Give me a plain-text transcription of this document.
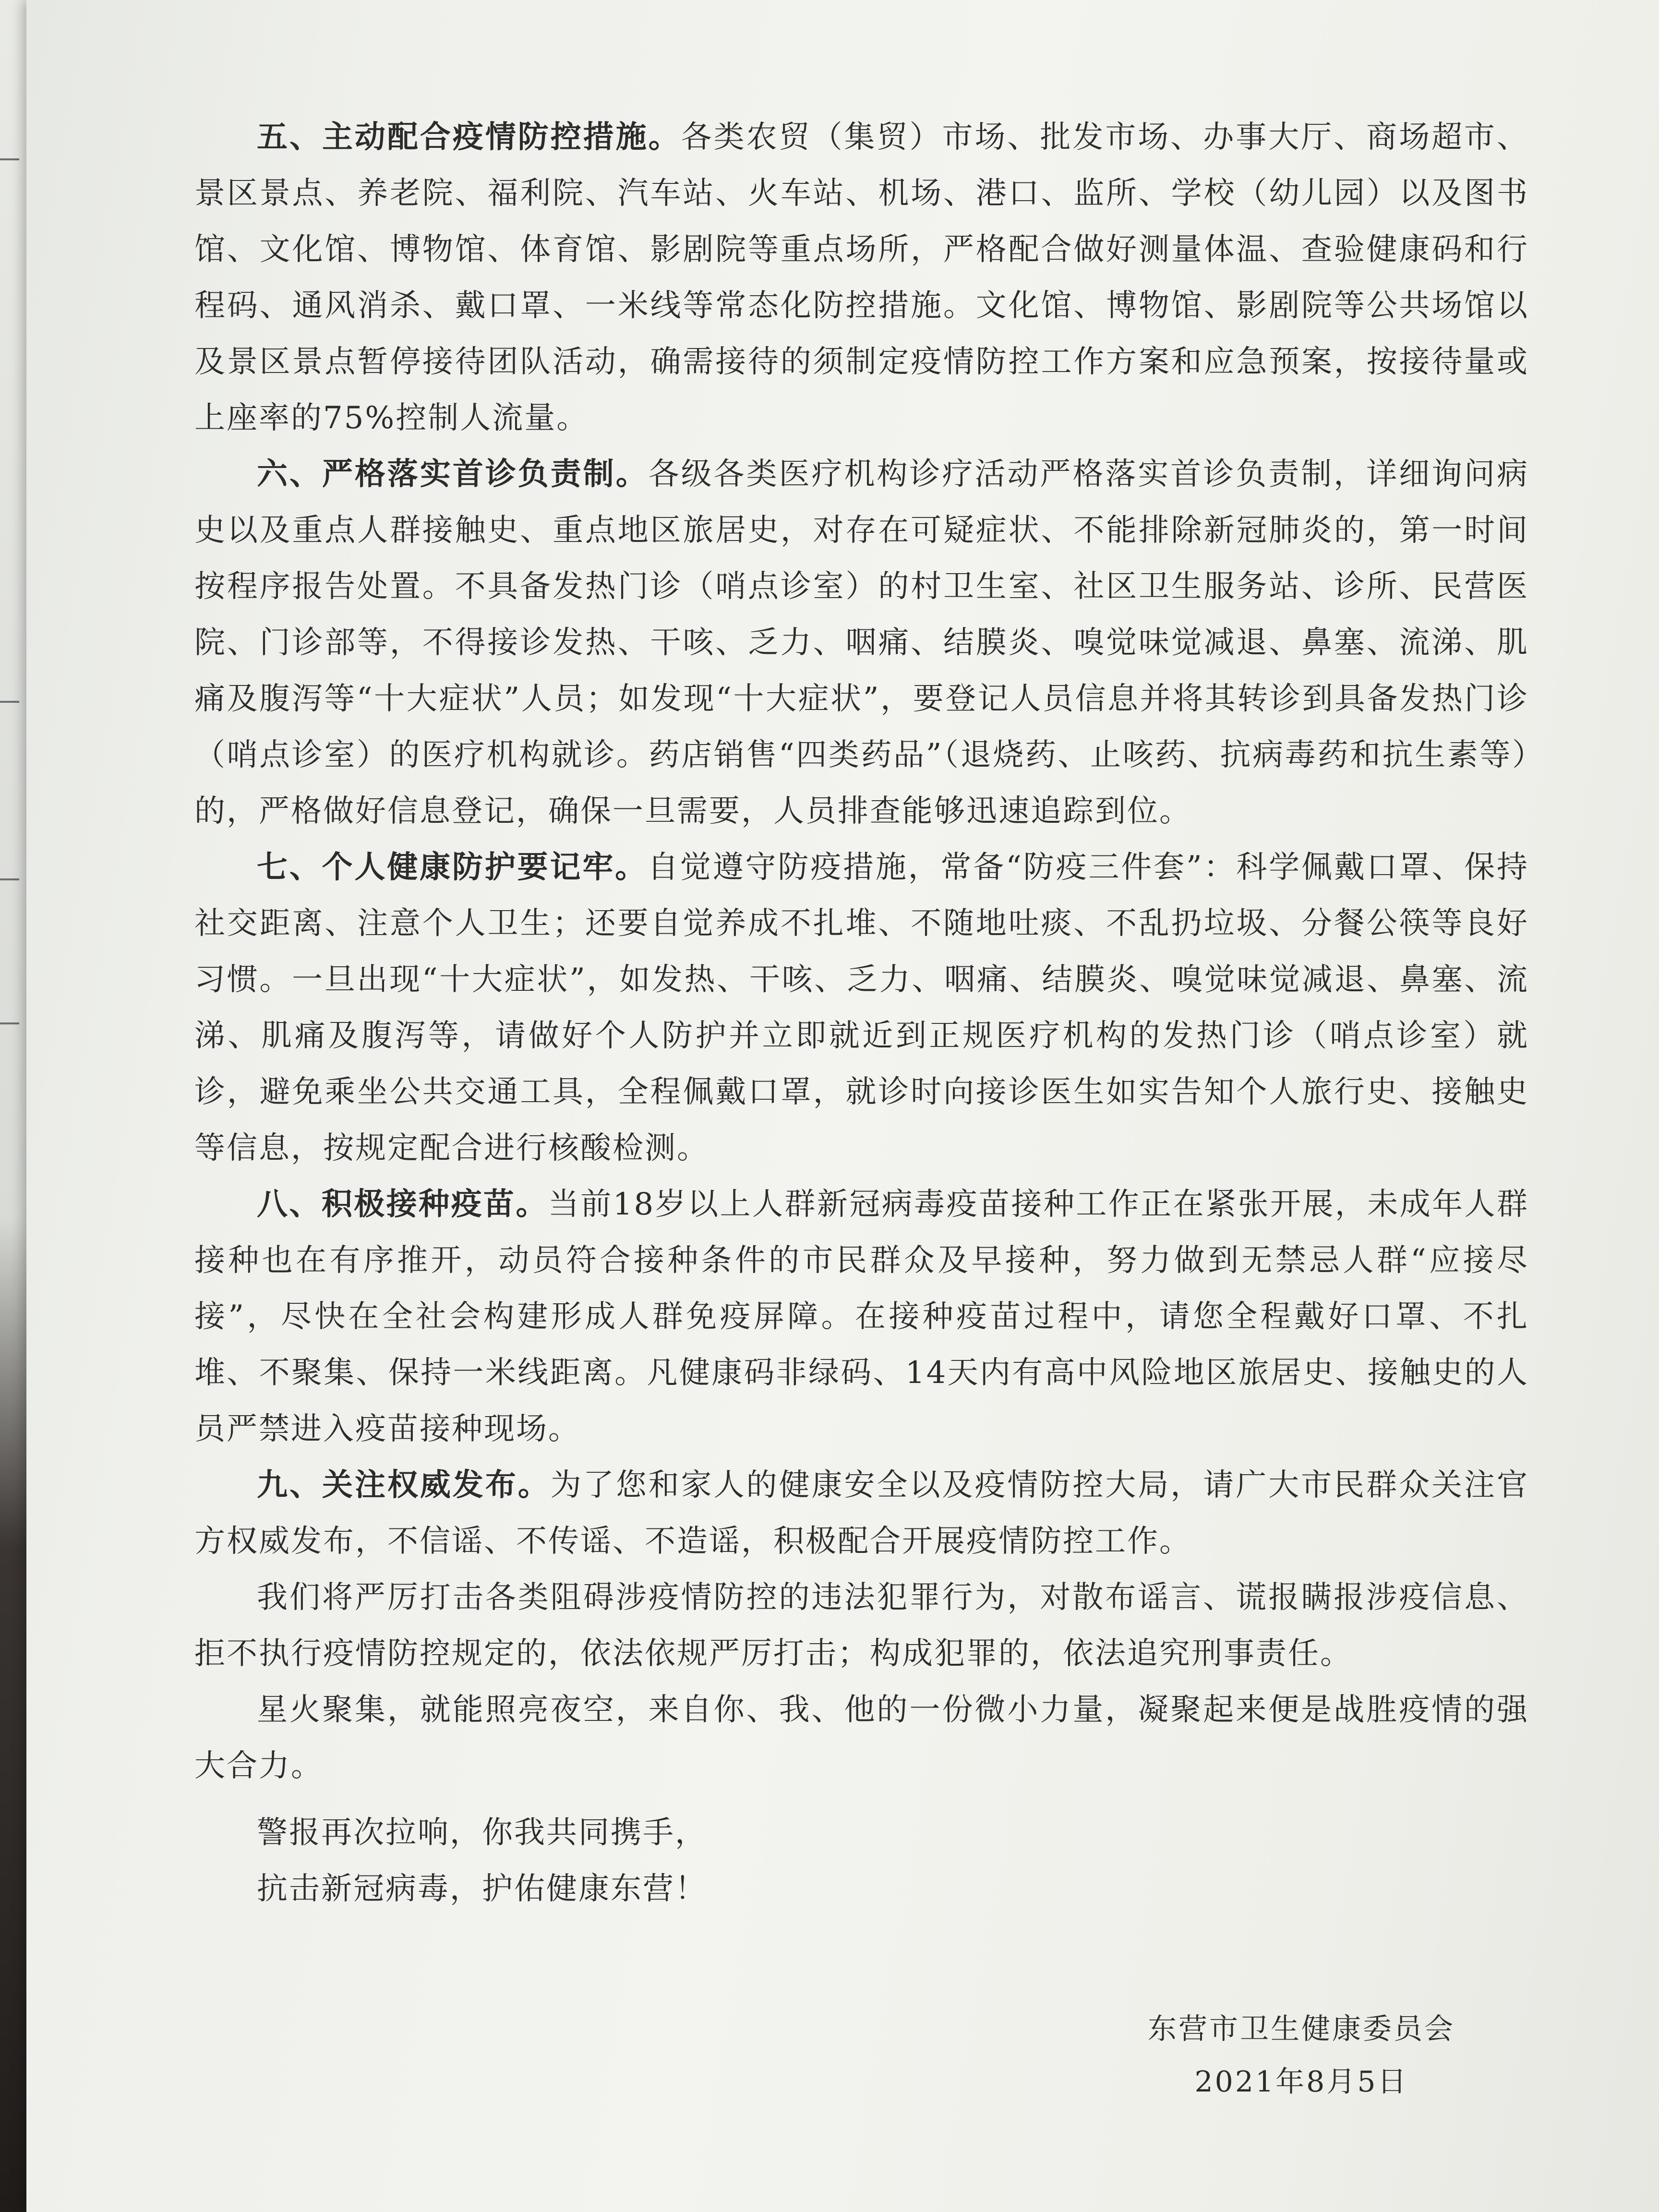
五、主动配合疫情防控措施。各类农贸（集贸）市场、批发市场、办事大厅、商场超市、景区景点、养老院、福利院、汽车站、火车站、机场、港口、监所、学校（幼儿园）以及图书馆、文化馆、博物馆、体育馆、影剧院等重点场所，严格配合做好测量体温、查验健康码和行程码、通风消杀、戴口罩、一米线等常态化防控措施。文化馆、博物馆、影剧院等公共场馆以及景区景点暂停接待团队活动，确需接待的须制定疫情防控工作方案和应急预案，按接待量或上座率的75%控制人流量。

六、严格落实首诊负责制。各级各类医疗机构诊疗活动严格落实首诊负责制，详细询问病史以及重点人群接触史、重点地区旅居史，对存在可疑症状、不能排除新冠肺炎的，第一时间按程序报告处置。不具备发热门诊（哨点诊室）的村卫生室、社区卫生服务站、诊所、民营医院、门诊部等，不得接诊发热、干咳、乏力、咽痛、结膜炎、嗅觉味觉减退、鼻塞、流涕、肌痛及腹泻等“十大症状”人员；如发现“十大症状”，要登记人员信息并将其转诊到具备发热门诊（哨点诊室）的医疗机构就诊。药店销售“四类药品”（退烧药、止咳药、抗病毒药和抗生素等）的，严格做好信息登记，确保一旦需要，人员排查能够迅速追踪到位。

七、个人健康防护要记牢。自觉遵守防疫措施，常备“防疫三件套”：科学佩戴口罩、保持社交距离、注意个人卫生；还要自觉养成不扎堆、不随地吐痰、不乱扔垃圾、分餐公筷等良好习惯。一旦出现“十大症状”，如发热、干咳、乏力、咽痛、结膜炎、嗅觉味觉减退、鼻塞、流涕、肌痛及腹泻等，请做好个人防护并立即就近到正规医疗机构的发热门诊（哨点诊室）就诊，避免乘坐公共交通工具，全程佩戴口罩，就诊时向接诊医生如实告知个人旅行史、接触史等信息，按规定配合进行核酸检测。

八、积极接种疫苗。当前18岁以上人群新冠病毒疫苗接种工作正在紧张开展，未成年人群接种也在有序推开，动员符合接种条件的市民群众及早接种，努力做到无禁忌人群“应接尽接”，尽快在全社会构建形成人群免疫屏障。在接种疫苗过程中，请您全程戴好口罩、不扎堆、不聚集、保持一米线距离。凡健康码非绿码、14天内有高中风险地区旅居史、接触史的人员严禁进入疫苗接种现场。

九、关注权威发布。为了您和家人的健康安全以及疫情防控大局，请广大市民群众关注官方权威发布，不信谣、不传谣、不造谣，积极配合开展疫情防控工作。

我们将严厉打击各类阻碍涉疫情防控的违法犯罪行为，对散布谣言、谎报瞒报涉疫信息、拒不执行疫情防控规定的，依法依规严厉打击；构成犯罪的，依法追究刑事责任。

星火聚集，就能照亮夜空，来自你、我、他的一份微小力量，凝聚起来便是战胜疫情的强大合力。

警报再次拉响，你我共同携手，
抗击新冠病毒，护佑健康东营！

东营市卫生健康委员会
2021年8月5日
